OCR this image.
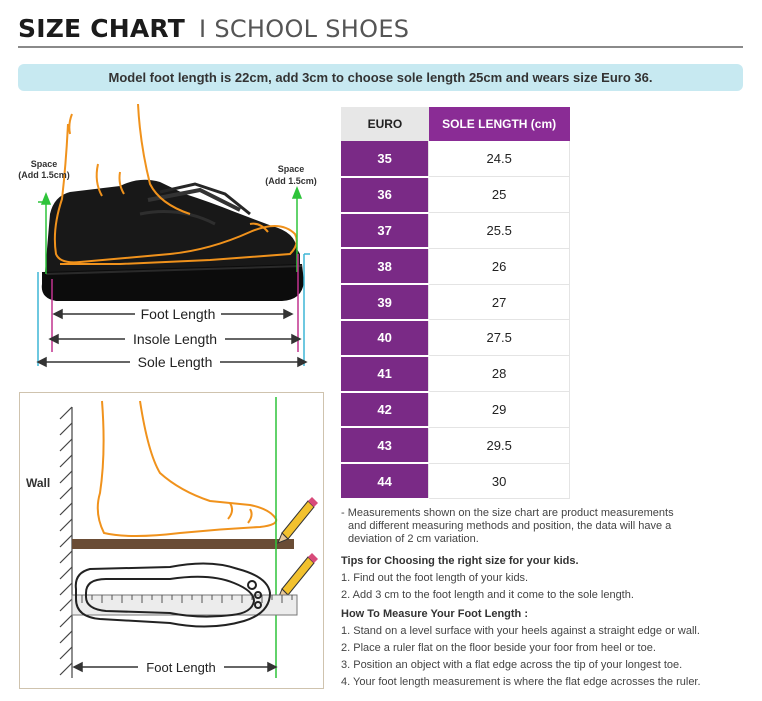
SIZE CHART I SCHOOL SHOES
Model foot length is 22cm, add 3cm to choose sole length 25cm and wears size Euro 36.
Foot Length
Insole Length
Sole Length
Space
(Add 1.5cm)
Space
(Add 1.5cm)
Wall
Foot Length
EURO	SOLE LENGTH (cm)
35	24.5
36	25
37	25.5
38	26
39	27
40	27.5
41	28
42	29
43	29.5
44	30
- Measurements shown on the size chart are product measurements
and different measuring methods and position, the data will have a
deviation of 2 cm variation.
Tips for Choosing the right size for your kids.

1. Find out the foot length of your kids.

2. Add 3 cm to the foot length and it come to the sole length.

How To Measure Your Foot Length :

1. Stand on a level surface with your heels against a straight edge or wall.

2. Place a ruler flat on the floor beside your foor from heel or toe.

3. Position an object with a flat edge across the tip of your longest toe.

4. Your foot length measurement is where the flat edge acrosses the ruler.
